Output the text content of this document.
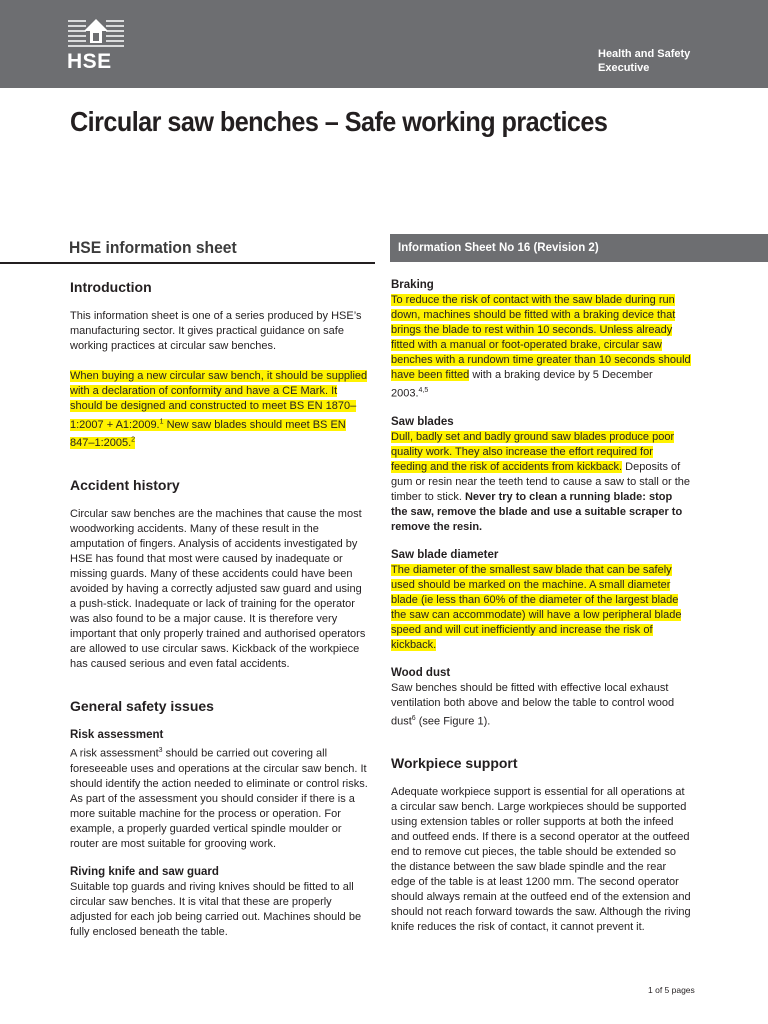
HSE	Health and Safety
Executive
Circular saw benches – Safe working practices
HSE information sheet	Information Sheet No 16 (Revision 2)
Introduction

This information sheet is one of a series produced by HSE’s manufacturing sector. It gives practical guidance on safe working practices at circular saw benches.

When buying a new circular saw bench, it should be supplied with a declaration of conformity and have a CE Mark. It should be designed and constructed to meet BS EN 1870–1:2007 + A1:2009.$^1$ New saw blades should meet BS EN 847–1:2005.$^2$

Accident history

Circular saw benches are the machines that cause the most woodworking accidents. Many of these result in the amputation of fingers. Analysis of accidents investigated by HSE has found that most were caused by inadequate or missing guards. Many of these accidents could have been avoided by having a correctly adjusted saw guard and using a push-stick. Inadequate or lack of training for the operator was also found to be a major cause. It is therefore very important that only properly trained and authorised operators are allowed to use circular saws. Kickback of the workpiece has caused serious and even fatal accidents.

General safety issues
Risk assessment

A risk assessment$^3$ should be carried out covering all foreseeable uses and operations at the circular saw bench. It should identify the action needed to eliminate or control risks. As part of the assessment you should consider if there is a more suitable machine for the process or operation. For example, a properly guarded vertical spindle moulder or router are most suitable for grooving work.

Riving knife and saw guard

Suitable top guards and riving knives should be fitted to all circular saw benches. It is vital that these are properly adjusted for each job being carried out. Machines should be fully enclosed beneath the table.

Braking

To reduce the risk of contact with the saw blade during run down, machines should be fitted with a braking device that brings the blade to rest within 10 seconds. Unless already fitted with a manual or foot-operated brake, circular saw benches with a rundown time greater than 10 seconds should have been fitted with a braking device by 5 December 2003.$^{4,5}$

Saw blades

Dull, badly set and badly ground saw blades produce poor quality work. They also increase the effort required for feeding and the risk of accidents from kickback. Deposits of gum or resin near the teeth tend to cause a saw to stall or the timber to stick. Never try to clean a running blade: stop the saw, remove the blade and use a suitable scraper to remove the resin.

Saw blade diameter

The diameter of the smallest saw blade that can be safely used should be marked on the machine. A small diameter blade (ie less than 60% of the diameter of the largest blade the saw can accommodate) will have a low peripheral blade speed and will cut inefficiently and increase the risk of kickback.

Wood dust

Saw benches should be fitted with effective local exhaust ventilation both above and below the table to control wood dust$^6$ (see Figure 1).

Workpiece support

Adequate workpiece support is essential for all operations at a circular saw bench. Large workpieces should be supported using extension tables or roller supports at both the infeed and outfeed ends. If there is a second operator at the outfeed end to remove cut pieces, the table should be extended so the distance between the saw blade spindle and the rear edge of the table is at least 1200 mm. The second operator should always remain at the outfeed end of the extension and should not reach forward towards the saw. Although the riving knife reduces the risk of contact, it cannot prevent it.

1 of 5 pages
